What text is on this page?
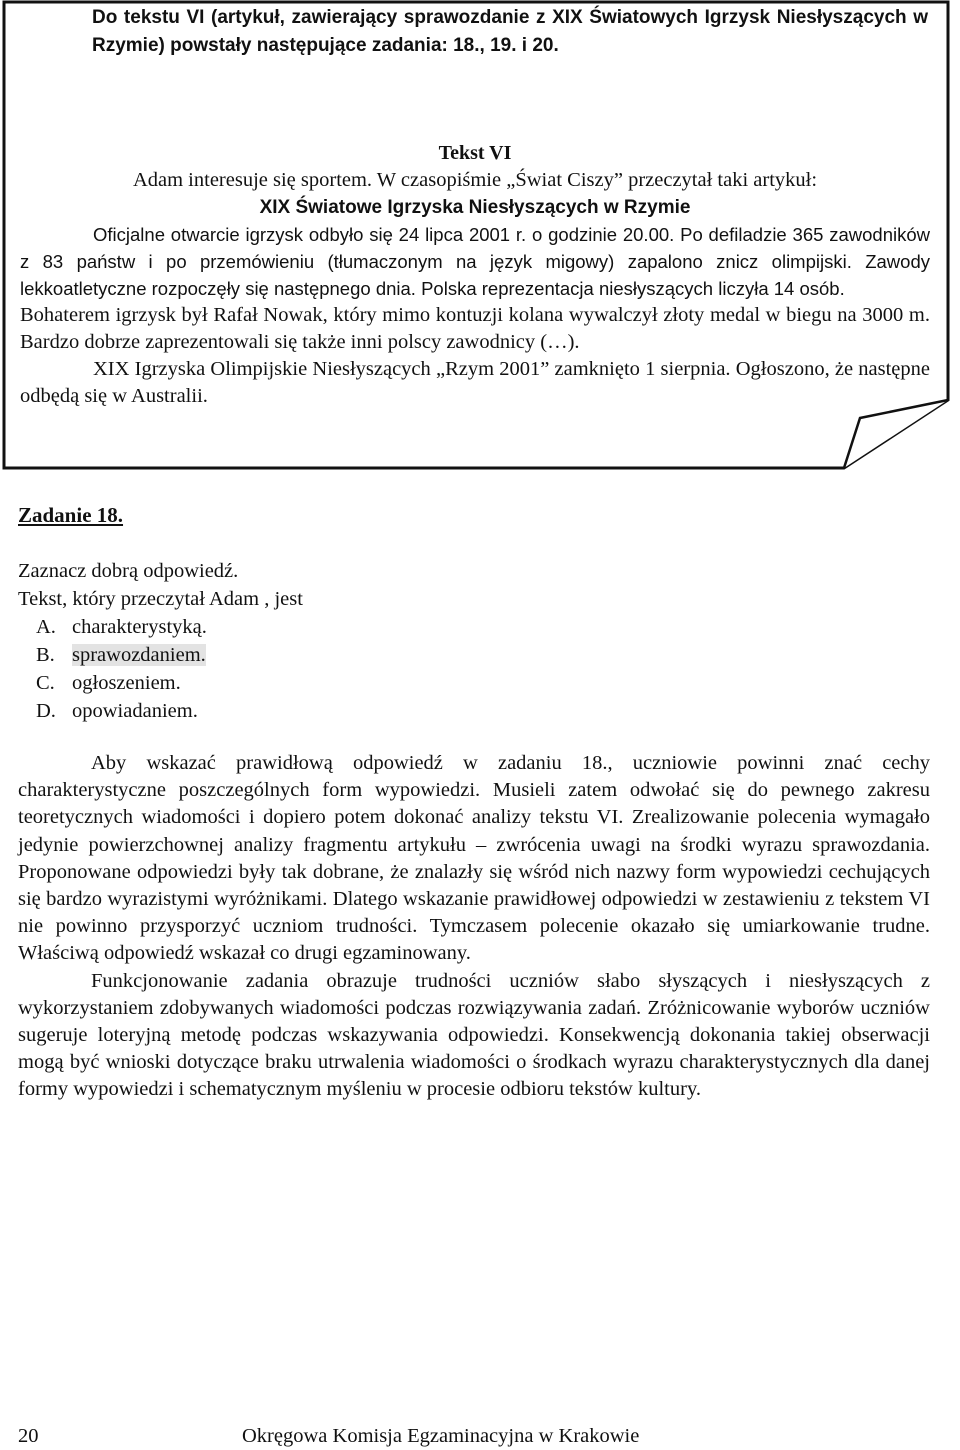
Do tekstu VI (artykuł, zawierający sprawozdanie z XIX Światowych Igrzysk Niesłyszących w Rzymie) powstały następujące zadania: 18., 19. i 20.
Tekst VI
Adam interesuje się sportem. W czasopiśmie „Świat Ciszy” przeczytał taki artykuł:
XIX Światowe Igrzyska Niesłyszących w Rzymie
Oficjalne otwarcie igrzysk odbyło się 24 lipca 2001 r. o godzinie 20.00. Po defiladzie 365 zawodników z 83 państw i po przemówieniu (tłumaczonym na język migowy) zapalono znicz olimpijski. Zawody lekkoatletyczne rozpoczęły się następnego dnia. Polska reprezentacja niesłyszących liczyła 14 osób.
Bohaterem igrzysk był Rafał Nowak, który mimo kontuzji kolana wywalczył złoty medal w biegu na 3000 m. Bardzo dobrze zaprezentowali się także inni polscy zawodnicy (…).
XIX Igrzyska Olimpijskie Niesłyszących „Rzym 2001” zamknięto 1 sierpnia. Ogłoszono, że następne odbędą się w Australii.
Zadanie 18.
Zaznacz dobrą odpowiedź.
Tekst, który przeczytał Adam , jest
A. charakterystyką.
B. sprawozdaniem.
C. ogłoszeniem.
D. opowiadaniem.

Aby wskazać prawidłową odpowiedź w zadaniu 18., uczniowie powinni znać cechy charakterystyczne poszczególnych form wypowiedzi. Musieli zatem odwołać się do pewnego zakresu teoretycznych wiadomości i dopiero potem dokonać analizy tekstu VI. Zrealizowanie polecenia wymagało jedynie powierzchownej analizy fragmentu artykułu – zwrócenia uwagi na środki wyrazu sprawozdania. Proponowane odpowiedzi były tak dobrane, że znalazły się wśród nich nazwy form wypowiedzi cechujących się bardzo wyrazistymi wyróżnikami. Dlatego wskazanie prawidłowej odpowiedzi w zestawieniu z tekstem VI nie powinno przysporzyć uczniom trudności. Tymczasem polecenie okazało się umiarkowanie trudne. Właściwą odpowiedź wskazał co drugi egzaminowany.

Funkcjonowanie zadania obrazuje trudności uczniów słabo słyszących i niesłyszących z wykorzystaniem zdobywanych wiadomości podczas rozwiązywania zadań. Zróżnicowanie wyborów uczniów sugeruje loteryjną metodę podczas wskazywania odpowiedzi. Konsekwencją dokonania takiej obserwacji mogą być wnioski dotyczące braku utrwalenia wiadomości o środkach wyrazu charakterystycznych dla danej formy wypowiedzi i schematycznym myśleniu w procesie odbioru tekstów kultury.

20	Okręgowa Komisja Egzaminacyjna w Krakowie
